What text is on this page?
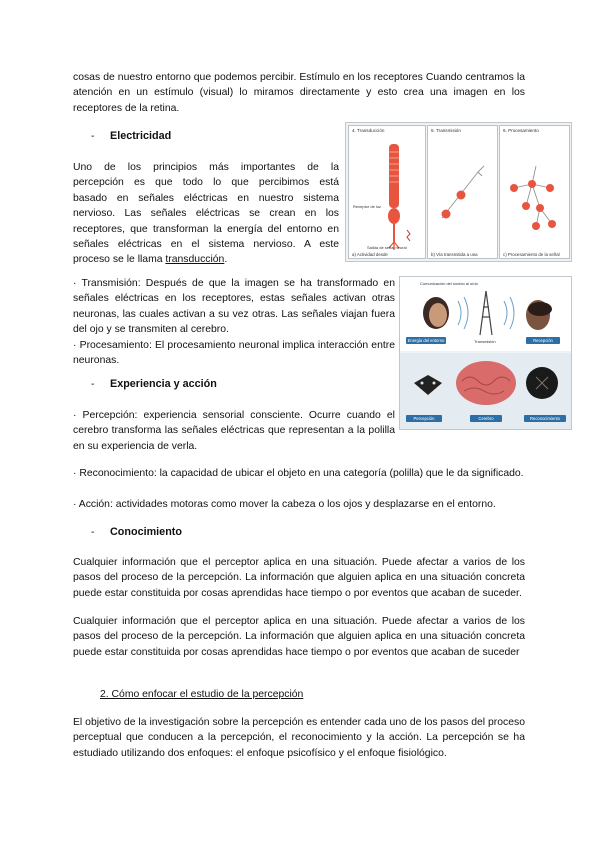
cosas de nuestro entorno que podemos percibir. Estímulo en los receptores Cuando centramos la atención en un estímulo (visual) lo miramos directamente y esto crea una imagen en los receptores de la retina.

- Electricidad

Uno de los principios más importantes de la

percepción es que todo lo que percibimos está

basado en señales eléctricas en nuestro sistema

nervioso. Las señales eléctricas se crean en los

receptores, que transforman la energía del entorno en

señales eléctricas en el sistema nervioso. A este

proceso se le llama transducción.

4. Transducción
Receptor de luz
Salida de señal neural
a) Actividad desde
5. Transmisión
b) Vía transmitida a una
6. Procesamiento
c) Procesamiento de la señal

· Transmisión: Después de que la imagen se ha transformado en señales eléctricas en los receptores, estas señales activan otras neuronas, las cuales activan a su vez otras. Las señales viajan fuera del ojo y se transmiten al cerebro.

· Procesamiento: El procesamiento neuronal implica interacción entre neuronas.

Comunicación del sonido al oído
Energía del entorno	Transmisión	Recepción
Percepción	Cerebro	Reconocimiento
- Experiencia y acción

· Percepción: experiencia sensorial consciente. Ocurre cuando el cerebro transforma las señales eléctricas que representan a la polilla en su experiencia de verla.

· Reconocimiento: la capacidad de ubicar el objeto en una categoría (polilla) que le da significado.

· Acción: actividades motoras como mover la cabeza o los ojos y desplazarse en el entorno.

- Conocimiento

Cualquier información que el perceptor aplica en una situación. Puede afectar a varios de los pasos del proceso de la percepción. La información que alguien aplica en una situación concreta puede estar constituida por cosas aprendidas hace tiempo o por eventos que acaban de suceder.

Cualquier información que el perceptor aplica en una situación. Puede afectar a varios de los pasos del proceso de la percepción. La información que alguien aplica en una situación concreta puede estar constituida por cosas aprendidas hace tiempo o por eventos que acaban de suceder

2. Cómo enfocar el estudio de la percepción

El objetivo de la investigación sobre la percepción es entender cada uno de los pasos del proceso perceptual que conducen a la percepción, el reconocimiento y la acción. La percepción se ha estudiado utilizando dos enfoques: el enfoque psicofísico y el enfoque fisiológico.
